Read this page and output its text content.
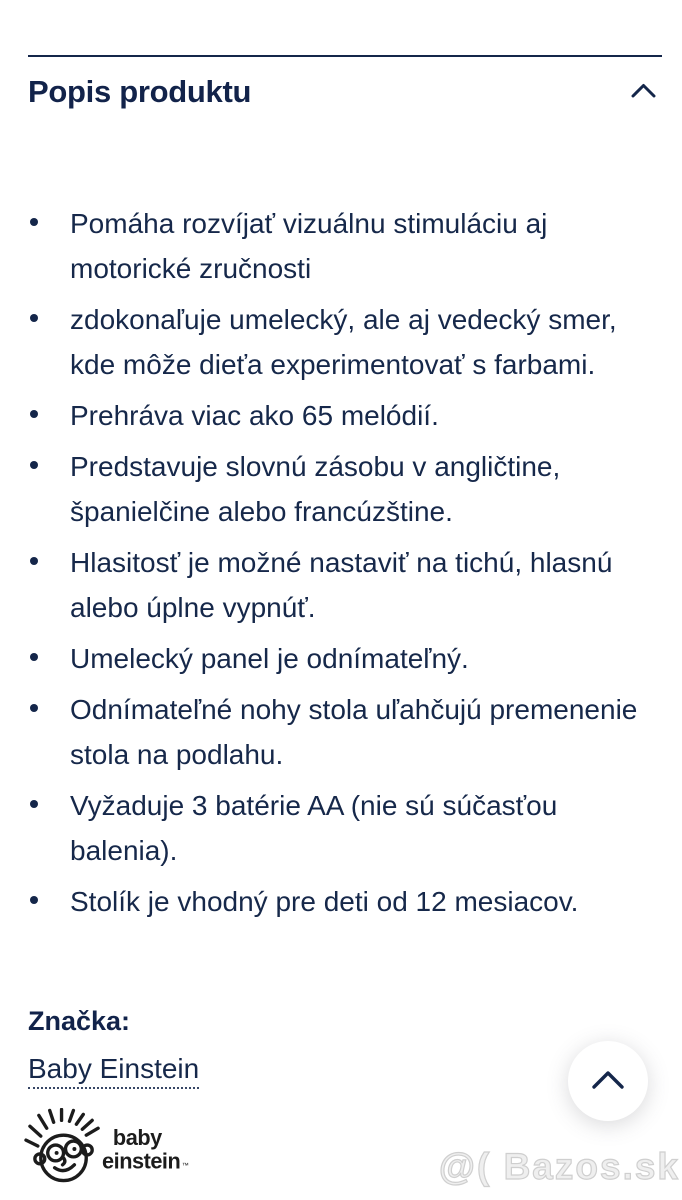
Popis produktu
Pomáha rozvíjať vizuálnu stimuláciu aj motorické zručnosti
zdokonaľuje umelecký, ale aj vedecký smer, kde môže dieťa experimentovať s farbami.
Prehráva viac ako 65 melódií.
Predstavuje slovnú zásobu v angličtine, španielčine alebo francúzštine.
Hlasitosť je možné nastaviť na tichú, hlasnú alebo úplne vypnúť.
Umelecký panel je odnímateľný.
Odnímateľné nohy stola uľahčujú premenenie stola na podlahu.
Vyžaduje 3 batérie AA (nie sú súčasťou balenia).
Stolík je vhodný pre deti od 12 mesiacov.
Značka:
Baby Einstein
baby
einstein ™	@( Bazos.sk
